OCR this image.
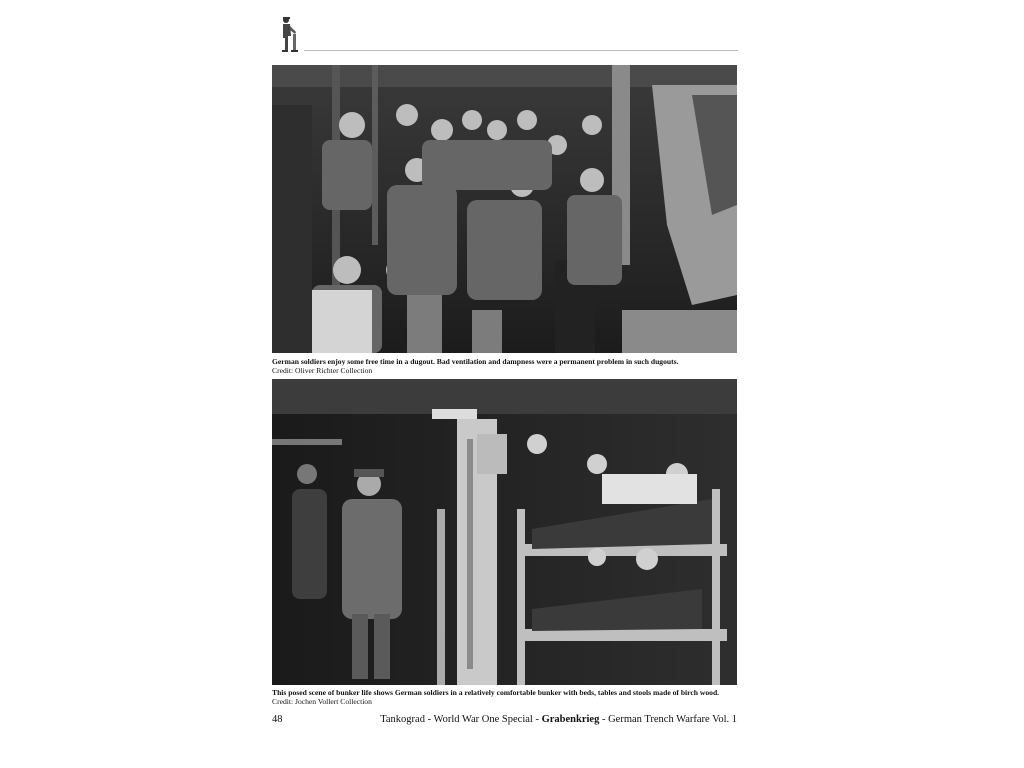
German soldiers enjoy some free time in a dugout. Bad ventilation and dampness were a permanent problem in such dugouts.
Credit: Oliver Richter Collection
This posed scene of bunker life shows German soldiers in a relatively comfortable bunker with beds, tables and stools made of birch wood.
Credit: Jochen Vollert Collection
48	Tankograd - World War One Special - Grabenkrieg - German Trench Warfare Vol. 1
